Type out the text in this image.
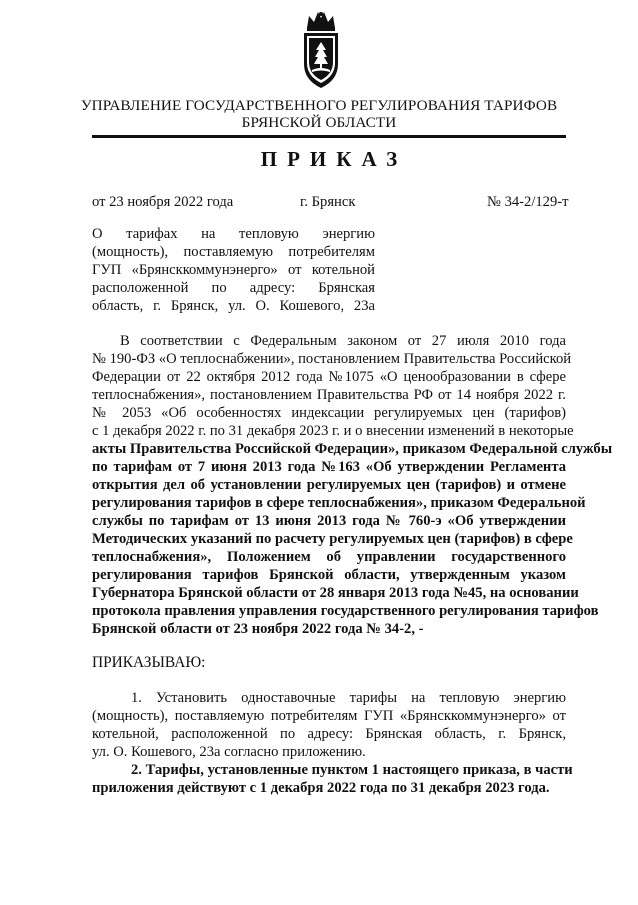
УПРАВЛЕНИЕ ГОСУДАРСТВЕННОГО РЕГУЛИРОВАНИЯ ТАРИФОВ
БРЯНСКОЙ ОБЛАСТИ
ПРИКАЗ
от 23 ноября 2022 года	г. Брянск	№ 34-2/129-т
О тарифах на тепловую энергию
(мощность), поставляемую потребителям
ГУП «Брянсккоммунэнерго» от котельной
расположенной по адресу: Брянская
область, г. Брянск, ул. О. Кошевого, 23а
В соответствии с Федеральным законом от 27 июля 2010 года
№ 190-ФЗ «О теплоснабжении», постановлением Правительства Российской
Федерации от 22 октября 2012 года №1075 «О ценообразовании в сфере
теплоснабжения», постановлением Правительства РФ от 14 ноября 2022 г.
№ 2053 «Об особенностях индексации регулируемых цен (тарифов)
с 1 декабря 2022 г. по 31 декабря 2023 г. и о внесении изменений в некоторые
акты Правительства Российской Федерации», приказом Федеральной службы
по тарифам от 7 июня 2013 года №163 «Об утверждении Регламента
открытия дел об установлении регулируемых цен (тарифов) и отмене
регулирования тарифов в сфере теплоснабжения», приказом Федеральной
службы по тарифам от 13 июня 2013 года № 760-э «Об утверждении
Методических указаний по расчету регулируемых цен (тарифов) в сфере
теплоснабжения», Положением об управлении государственного
регулирования тарифов Брянской области, утвержденным указом
Губернатора Брянской области от 28 января 2013 года №45, на основании
протокола правления управления государственного регулирования тарифов
Брянской области от 23 ноября 2022 года № 34-2, -
ПРИКАЗЫВАЮ:
1. Установить одноставочные тарифы на тепловую энергию
(мощность), поставляемую потребителям ГУП «Брянсккоммунэнерго» от
котельной, расположенной по адресу: Брянская область, г. Брянск,
ул. О. Кошевого, 23а согласно приложению.
2. Тарифы, установленные пунктом 1 настоящего приказа, в части
приложения действуют с 1 декабря 2022 года по 31 декабря 2023 года.
